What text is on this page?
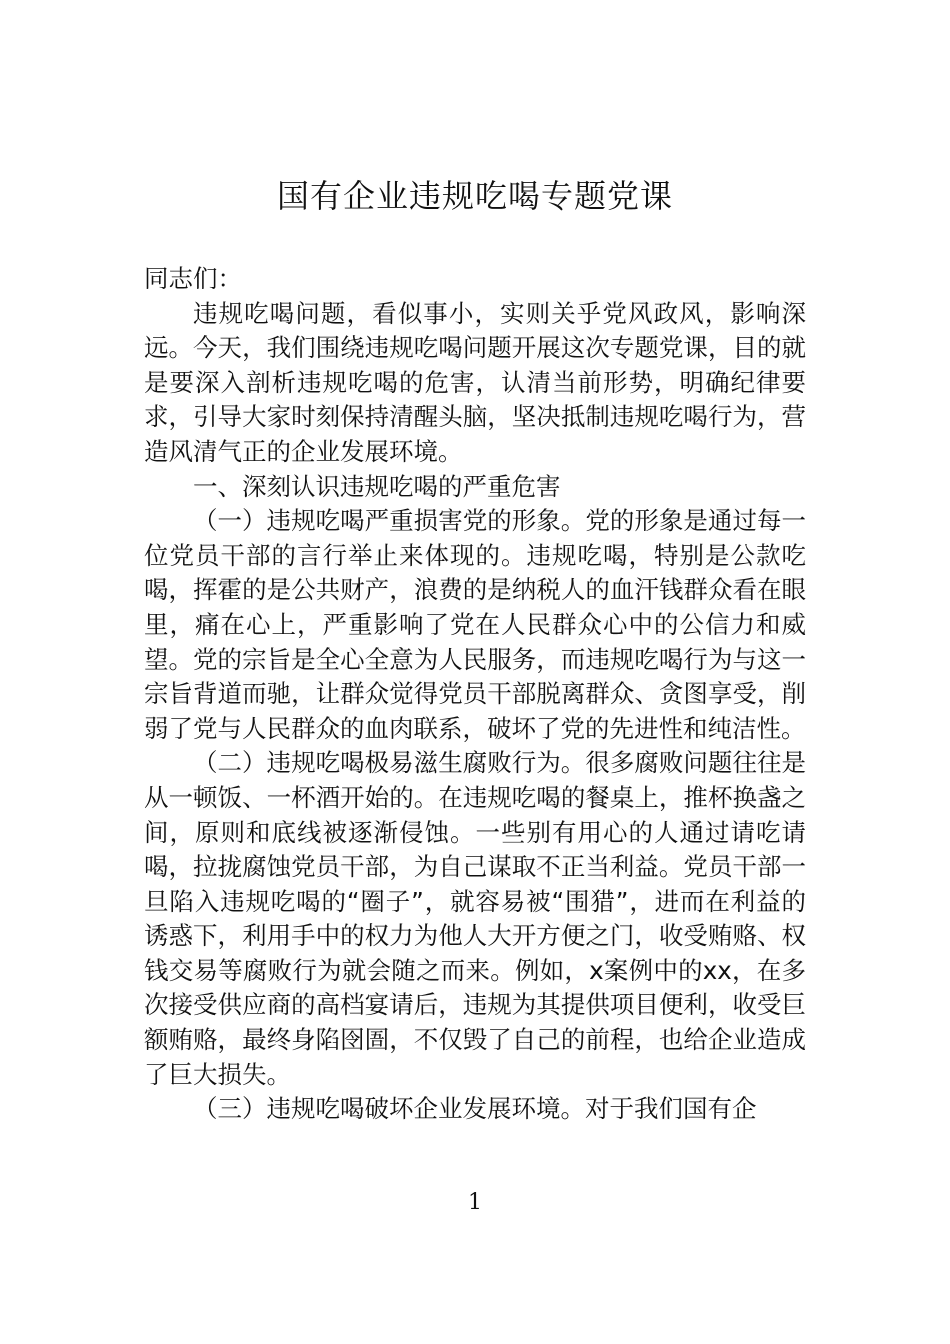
国有企业违规吃喝专题党课

同志们：

违规吃喝问题，看似事小，实则关乎党风政风，影响深远。今天，我们围绕违规吃喝问题开展这次专题党课，目的就是要深入剖析违规吃喝的危害，认清当前形势，明确纪律要求，引导大家时刻保持清醒头脑，坚决抵制违规吃喝行为，营造风清气正的企业发展环境。

一、深刻认识违规吃喝的严重危害

（一）违规吃喝严重损害党的形象。党的形象是通过每一位党员干部的言行举止来体现的。违规吃喝，特别是公款吃喝，挥霍的是公共财产，浪费的是纳税人的血汗钱群众看在眼里，痛在心上，严重影响了党在人民群众心中的公信力和威望。党的宗旨是全心全意为人民服务，而违规吃喝行为与这一宗旨背道而驰，让群众觉得党员干部脱离群众、贪图享受，削弱了党与人民群众的血肉联系，破坏了党的先进性和纯洁性。

（二）违规吃喝极易滋生腐败行为。很多腐败问题往往是从一顿饭、一杯酒开始的。在违规吃喝的餐桌上，推杯换盏之间，原则和底线被逐渐侵蚀。一些别有用心的人通过请吃请喝，拉拢腐蚀党员干部，为自己谋取不正当利益。党员干部一旦陷入违规吃喝的“圈子”，就容易被“围猎”，进而在利益的诱惑下，利用手中的权力为他人大开方便之门，收受贿赂、权钱交易等腐败行为就会随之而来。例如，x案例中的xx，在多次接受供应商的高档宴请后，违规为其提供项目便利，收受巨额贿赂，最终身陷囹圄，不仅毁了自己的前程，也给企业造成了巨大损失。

（三）违规吃喝破坏企业发展环境。对于我们国有企

1
